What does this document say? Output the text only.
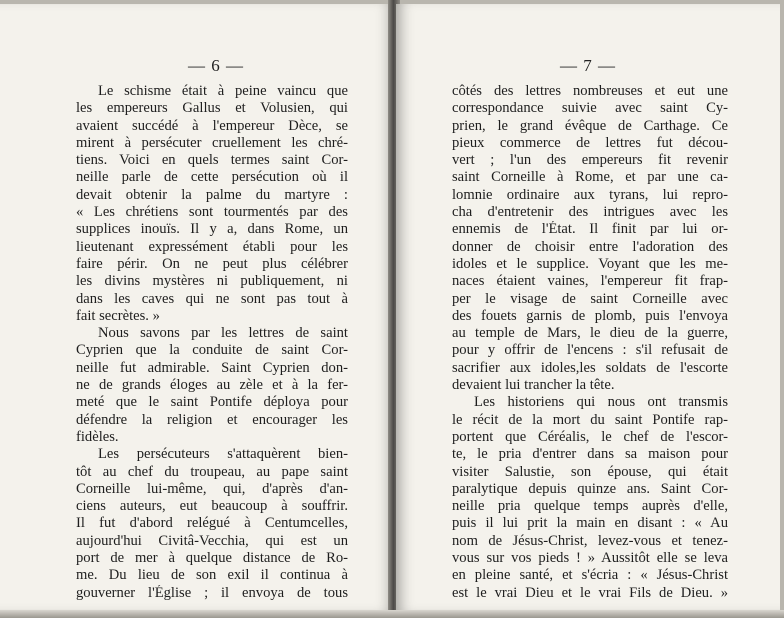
— 6 —
Le schisme était à peine vaincu que
les empereurs Gallus et Volusien, qui
avaient succédé à l'empereur Dèce, se
mirent à persécuter cruellement les chré-
tiens. Voici en quels termes saint Cor-
neille parle de cette persécution où il
devait obtenir la palme du martyre :
« Les chrétiens sont tourmentés par des
supplices inouïs. Il y a, dans Rome, un
lieutenant expressément établi pour les
faire périr. On ne peut plus célébrer
les divins mystères ni publiquement, ni
dans les caves qui ne sont pas tout à
fait secrètes. »
Nous savons par les lettres de saint
Cyprien que la conduite de saint Cor-
neille fut admirable. Saint Cyprien don-
ne de grands éloges au zèle et à la fer-
meté que le saint Pontife déploya pour
défendre la religion et encourager les
fidèles.
Les persécuteurs s'attaquèrent bien-
tôt au chef du troupeau, au pape saint
Corneille lui-même, qui, d'après d'an-
ciens auteurs, eut beaucoup à souffrir.
Il fut d'abord relégué à Centumcelles,
aujourd'hui Civitâ-Vecchia, qui est un
port de mer à quelque distance de Ro-
me. Du lieu de son exil il continua à
gouverner l'Église ; il envoya de tous
— 7 —
côtés des lettres nombreuses et eut une
correspondance suivie avec saint Cy-
prien, le grand évêque de Carthage. Ce
pieux commerce de lettres fut décou-
vert ; l'un des empereurs fit revenir
saint Corneille à Rome, et par une ca-
lomnie ordinaire aux tyrans, lui repro-
cha d'entretenir des intrigues avec les
ennemis de l'État. Il finit par lui or-
donner de choisir entre l'adoration des
idoles et le supplice. Voyant que les me-
naces étaient vaines, l'empereur fit frap-
per le visage de saint Corneille avec
des fouets garnis de plomb, puis l'envoya
au temple de Mars, le dieu de la guerre,
pour y offrir de l'encens : s'il refusait de
sacrifier aux idoles,les soldats de l'escorte
devaient lui trancher la tête.
Les historiens qui nous ont transmis
le récit de la mort du saint Pontife rap-
portent que Céréalis, le chef de l'escor-
te, le pria d'entrer dans sa maison pour
visiter Salustie, son épouse, qui était
paralytique depuis quinze ans. Saint Cor-
neille pria quelque temps auprès d'elle,
puis il lui prit la main en disant : « Au
nom de Jésus-Christ, levez-vous et tenez-
vous sur vos pieds ! » Aussitôt elle se leva
en pleine santé, et s'écria : « Jésus-Christ
est le vrai Dieu et le vrai Fils de Dieu. »
